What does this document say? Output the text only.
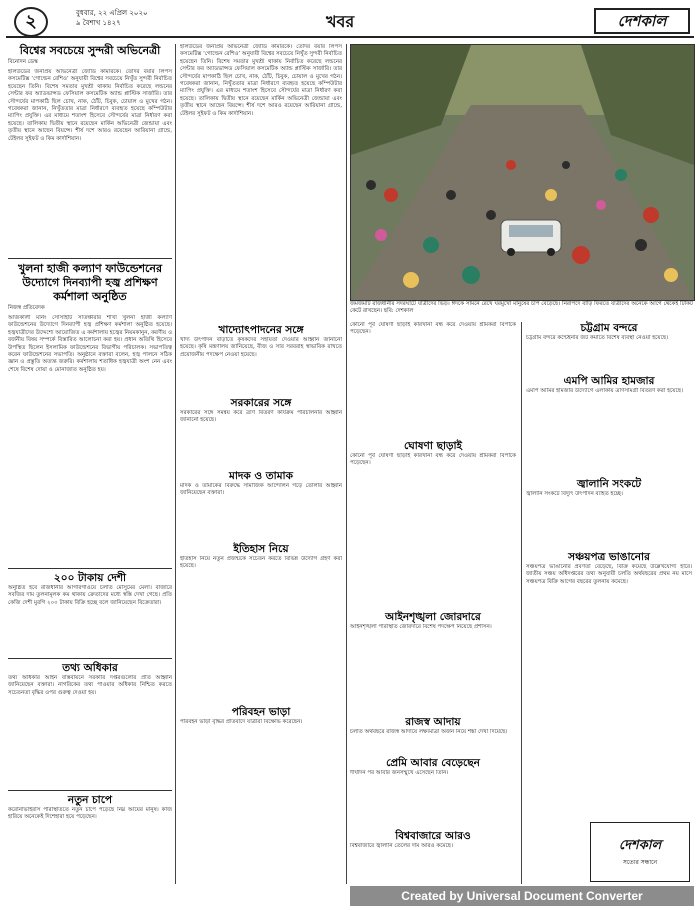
২	বুধবার, ২২ এপ্রিল ২০২০
৯ বৈশাখ ১৪২৭	খবর	দেশকাল
বিশ্বের সবচেয়ে সুন্দরী অভিনেত্রী
বিনোদন ডেস্ক
হলিউডের জনপ্রিয় অভিনেত্রী জোডি কামারকে। তেদির বয়ার লিপস কসমেটিক্স ‘গোল্ডেন রেশিও’ অনুযায়ী বিশ্বের সবচেয়ে নিখুঁত সুন্দরী নির্বাচিত হয়েছেন তিনি। বিশেষ সমতার মুখশ্রী থাকায় নির্বাচিত করেছে লন্ডনের সেন্টার ফর অ্যাডভান্সড ফেসিয়াল কসমেটিক অ্যান্ড প্লাস্টিক সার্জারি। তার সৌন্দর্যের মাপকাঠি ছিল চোখ, নাক, ঠোঁট, চিবুক, চোয়াল ও মুখের গঠন। গবেষকরা জানান, নিখুঁততার মাত্রা নির্ধারণে ব্যবহৃত হয়েছে কম্পিউটার ম্যাপিং প্রযুক্তি। এর মাধ্যমে শতাংশ হিসেবে সৌন্দর্যের মাত্রা নির্ধারণ করা হয়েছে। তালিকায় দ্বিতীয় স্থানে রয়েছেন মার্কিন অভিনেত্রী জেন্ডায়া এবং তৃতীয় স্থানে আছেন বিয়ন্সে। শীর্ষ দশে আরও রয়েছেন আরিয়ানা গ্রান্ডে, টেইলর সুইফট ও কিম কার্দাশিয়ান।
খুলনা হাজী কল্যাণ ফাউন্ডেশনের উদ্যোগে দিনব্যাপী হজ্ব প্রশিক্ষণ কর্মশালা অনুষ্ঠিত
নিজস্ব প্রতিবেদক
আজকালী মর্নিং সোসাইটি সাতক্ষীরার শাখা খুলনা হাজী কল্যাণ ফাউন্ডেশনের উদ্যোগে দিনব্যাপী হজ্ব প্রশিক্ষণ কর্মশালা অনুষ্ঠিত হয়েছে। হজ্বযাত্রীদের উদ্দেশ্যে আয়োজিত এ কর্মশালায় হজ্বের নিয়মকানুন, করণীয় ও বর্জনীয় বিষয় সম্পর্কে বিস্তারিত আলোচনা করা হয়। প্রধান অতিথি হিসেবে উপস্থিত ছিলেন ইসলামিক ফাউন্ডেশনের বিভাগীয় পরিচালক। সভাপতিত্ব করেন ফাউন্ডেশনের সভাপতি। অনুষ্ঠানে বক্তারা বলেন, হজ্ব পালনে সঠিক জ্ঞান ও প্রস্তুতি অত্যন্ত জরুরি। কর্মশালায় শতাধিক হজ্বযাত্রী অংশ নেন এবং শেষে বিশেষ দোয়া ও মোনাজাত অনুষ্ঠিত হয়।
২০০ টাকায় দেশী
অনুষ্ঠিত হবে রাজধানীর আগারগাঁওয়ে চলতি মৌসুমের মেলা। বাজারে সবজির দাম তুলনামূলক কম থাকায় ক্রেতাদের মধ্যে স্বস্তি দেখা গেছে। প্রতি কেজি দেশী মুরগি ২০০ টাকায় বিক্রি হচ্ছে বলে জানিয়েছেন বিক্রেতারা।
তথ্য অধিকার
তথ্য অধিকার আইন বাস্তবায়নে সরকারি দপ্তরগুলোর প্রতি আহ্বান জানিয়েছেন বক্তারা। নাগরিকের তথ্য পাওয়ার অধিকার নিশ্চিত করতে সচেতনতা বৃদ্ধির ওপর গুরুত্ব দেওয়া হয়।
নতুন চাপে
করোনাভাইরাস পরিস্থিতিতে নতুন চাপে পড়েছে নিম্ন আয়ের মানুষ। কাজ হারিয়ে অনেকেই দিশেহারা হয়ে পড়েছেন।
হলিউডের জনপ্রিয় অভিনেত্রী জোডি কামারকে। তেদির বয়ার লিপস কসমেটিক্স ‘গোল্ডেন রেশিও’ অনুযায়ী বিশ্বের সবচেয়ে নিখুঁত সুন্দরী নির্বাচিত হয়েছেন তিনি। বিশেষ সমতার মুখশ্রী থাকায় নির্বাচিত করেছে লন্ডনের সেন্টার ফর অ্যাডভান্সড ফেসিয়াল কসমেটিক অ্যান্ড প্লাস্টিক সার্জারি। তার সৌন্দর্যের মাপকাঠি ছিল চোখ, নাক, ঠোঁট, চিবুক, চোয়াল ও মুখের গঠন। গবেষকরা জানান, নিখুঁততার মাত্রা নির্ধারণে ব্যবহৃত হয়েছে কম্পিউটার ম্যাপিং প্রযুক্তি। এর মাধ্যমে শতাংশ হিসেবে সৌন্দর্যের মাত্রা নির্ধারণ করা হয়েছে। তালিকায় দ্বিতীয় স্থানে রয়েছেন মার্কিন অভিনেত্রী জেন্ডায়া এবং তৃতীয় স্থানে আছেন বিয়ন্সে। শীর্ষ দশে আরও রয়েছেন আরিয়ানা গ্রান্ডে, টেইলর সুইফট ও কিম কার্দাশিয়ান।
খাদ্যোৎপাদনের সঙ্গে
খাদ্য উৎপাদন বাড়াতে কৃষকদের সহায়তা দেওয়ার আহ্বান জানানো হয়েছে। কৃষি মন্ত্রণালয় জানিয়েছে, বীজ ও সার সরবরাহ স্বাভাবিক রাখতে প্রয়োজনীয় পদক্ষেপ নেওয়া হয়েছে।
সরকারের সঙ্গে
সরকারের সঙ্গে সমন্বয় করে ত্রাণ বিতরণ কার্যক্রম পরিচালনার আহ্বান জানানো হয়েছে।
মাদক ও তামাক
মাদক ও তামাকের বিরুদ্ধে সামাজিক আন্দোলন গড়ে তোলার আহ্বান জানিয়েছেন বক্তারা।
ইতিহাস নিয়ে
ইতিহাস নিয়ে নতুন প্রজন্মকে সচেতন করতে বিভিন্ন উদ্যোগ গ্রহণ করা হয়েছে।
পরিবহন ভাড়া
পরিবহন ভাড়া বৃদ্ধির প্রতিবাদে যাত্রীরা বিক্ষোভ করেছেন।
জমজমাট রাজধানীর সদরঘাটে যাত্রীদের ভিড়। ঈদকে সামনে রেখে ঘরমুখো মানুষের চাপ বেড়েছে। নিরাপদে বাড়ি ফিরতে যাত্রীদের অনেকে আগে থেকেই টিকিট কেটে রাখছেন। ছবি: দেশকাল
কোনো পূর্ব ঘোষণা ছাড়াই কারখানা বন্ধ করে দেওয়ায় শ্রমিকরা বিপাকে পড়েছেন।
ঘোষণা ছাড়াই
কোনো পূর্ব ঘোষণা ছাড়াই কারখানা বন্ধ করে দেওয়ায় শ্রমিকরা বিপাকে পড়েছেন।
আইনশৃঙ্খলা জোরদারে
আইনশৃঙ্খলা পরিস্থিতি জোরদারে বিশেষ পদক্ষেপ নিয়েছে প্রশাসন।
রাজস্ব আদায়
চলতি অর্থবছরে রাজস্ব আদায়ে লক্ষ্যমাত্রা অর্জন নিয়ে শঙ্কা দেখা দিয়েছে।
প্রেমি আবার বেড়েছেন
দীর্ঘদিন পর আবার জনসম্মুখে এসেছেন তিনি।
বিশ্ববাজারে আরও
বিশ্ববাজারে জ্বালানি তেলের দাম আরও কমেছে।
চট্টগ্রাম বন্দরে
চট্টগ্রাম বন্দরে কন্টেইনার জট কমাতে বিশেষ ব্যবস্থা নেওয়া হয়েছে।
এমপি আমির হামজার
এমপি আমির হামজার উদ্যোগে এলাকায় ত্রাণসামগ্রী বিতরণ করা হয়েছে।
জ্বালানি সংকটে
জ্বালানি সংকটে বিদ্যুৎ উৎপাদন ব্যাহত হচ্ছে।
সঞ্চয়পত্র ভাঙানোর
সঞ্চয়পত্র ভাঙানোর প্রবণতা বেড়েছে, বিক্রি কমেছে উল্লেখযোগ্য হারে। জাতীয় সঞ্চয় অধিদপ্তরের তথ্য অনুযায়ী চলতি অর্থবছরের প্রথম নয় মাসে সঞ্চয়পত্র বিক্রি আগের বছরের তুলনায় কমেছে।
দেশকাল
সত্যের সন্ধানে
Created by Universal Document Converter
